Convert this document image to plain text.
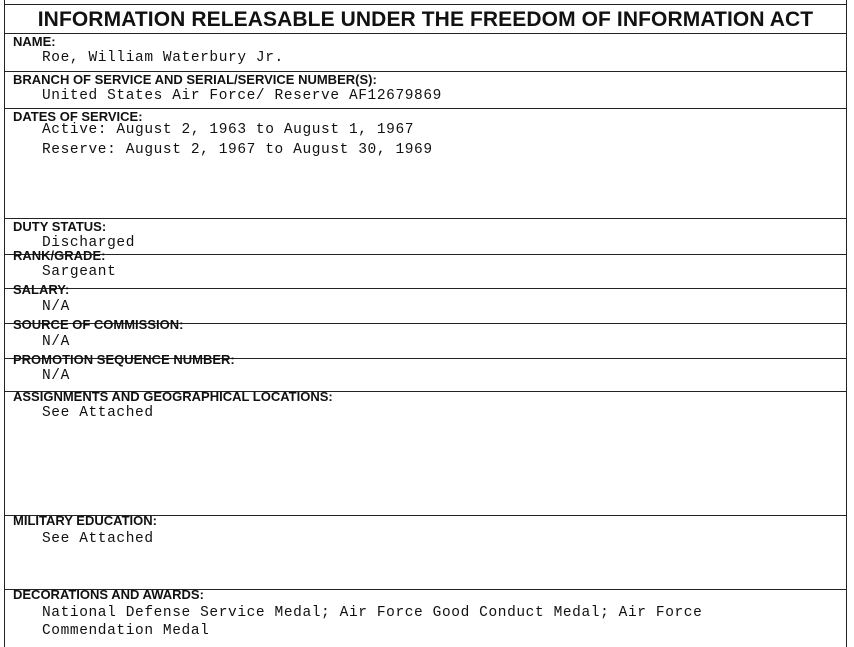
INFORMATION RELEASABLE UNDER THE FREEDOM OF INFORMATION ACT
NAME:
Roe, William Waterbury Jr.
BRANCH OF SERVICE AND SERIAL/SERVICE NUMBER(S):
United States Air Force/ Reserve AF12679869
DATES OF SERVICE:
Active: August 2, 1963 to August 1, 1967
Reserve: August 2, 1967 to August 30, 1969
DUTY STATUS:
Discharged
RANK/GRADE:
Sargeant
SALARY:
N/A
SOURCE OF COMMISSION:
N/A
PROMOTION SEQUENCE NUMBER:
N/A
ASSIGNMENTS AND GEOGRAPHICAL LOCATIONS:
See Attached
MILITARY EDUCATION:
See Attached
DECORATIONS AND AWARDS:
National Defense Service Medal; Air Force Good Conduct Medal; Air Force
Commendation Medal
